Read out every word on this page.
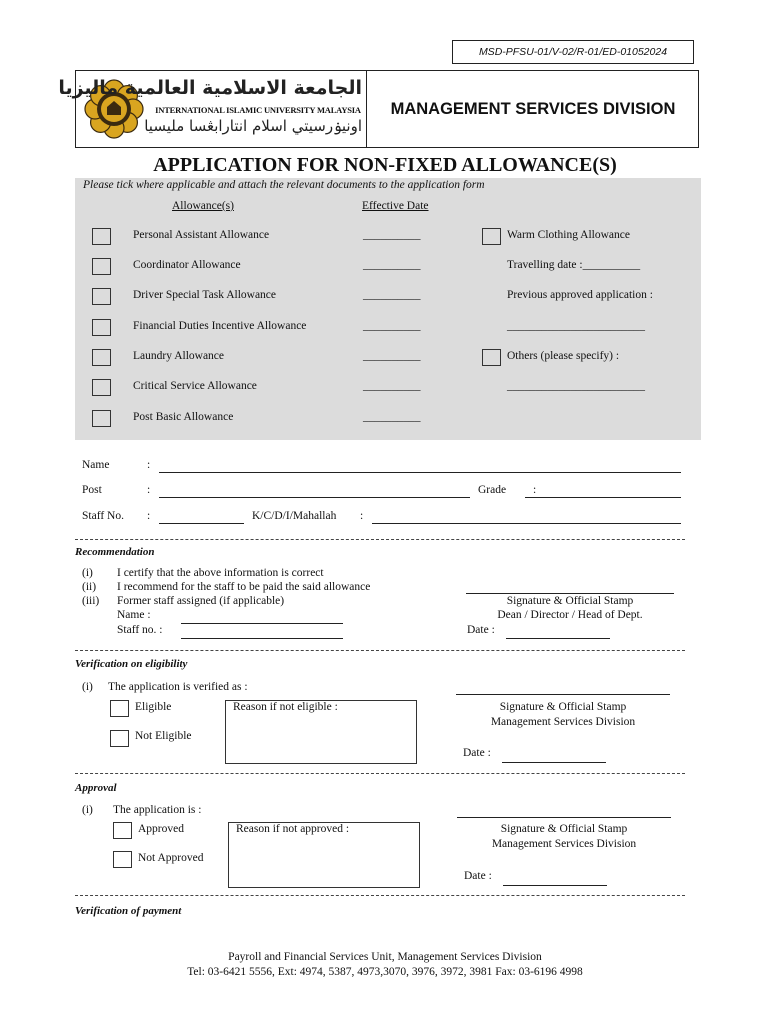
MSD-PFSU-01/V-02/R-01/ED-01052024
الجامعة الاسلامية العالمية ماليزيا
INTERNATIONAL ISLAMIC UNIVERSITY MALAYSIA
اونيۏرسيتي اسلام انتارابڠسا مليسيا
MANAGEMENT SERVICES DIVISION
APPLICATION FOR NON-FIXED ALLOWANCE(S)
Please tick where applicable and attach the relevant documents to the application form
Allowance(s)	Effective Date
Personal Assistant Allowance	__________
Coordinator Allowance	__________
Driver Special Task Allowance	__________
Financial Duties Incentive Allowance	__________
Laundry Allowance	__________
Critical Service Allowance	__________
Post Basic Allowance	__________
Warm Clothing Allowance
Travelling date :__________
Previous approved application :
________________________
Others (please specify) :
________________________
Name	:
Post	:	Grade :
Staff No. :	K/C/D/I/Mahallah :
Recommendation
(i) I certify that the above information is correct
(ii) I recommend for the staff to be paid the said allowance
(iii) Former staff assigned (if applicable)
Name :
Staff no. :
Signature & Official Stamp
Dean / Director / Head of Dept.
Date :
Verification on eligibility
(i) The application is verified as :
Eligible
Not Eligible
Reason if not eligible :	Signature & Official Stamp
Management Services Division
Date :
Approval
(i) The application is :
Approved
Not Approved
Reason if not approved :	Signature & Official Stamp
Management Services Division
Date :
Verification of payment
Payroll and Financial Services Unit, Management Services Division
Tel: 03-6421 5556, Ext: 4974, 5387, 4973,3070, 3976, 3972, 3981 Fax: 03-6196 4998
